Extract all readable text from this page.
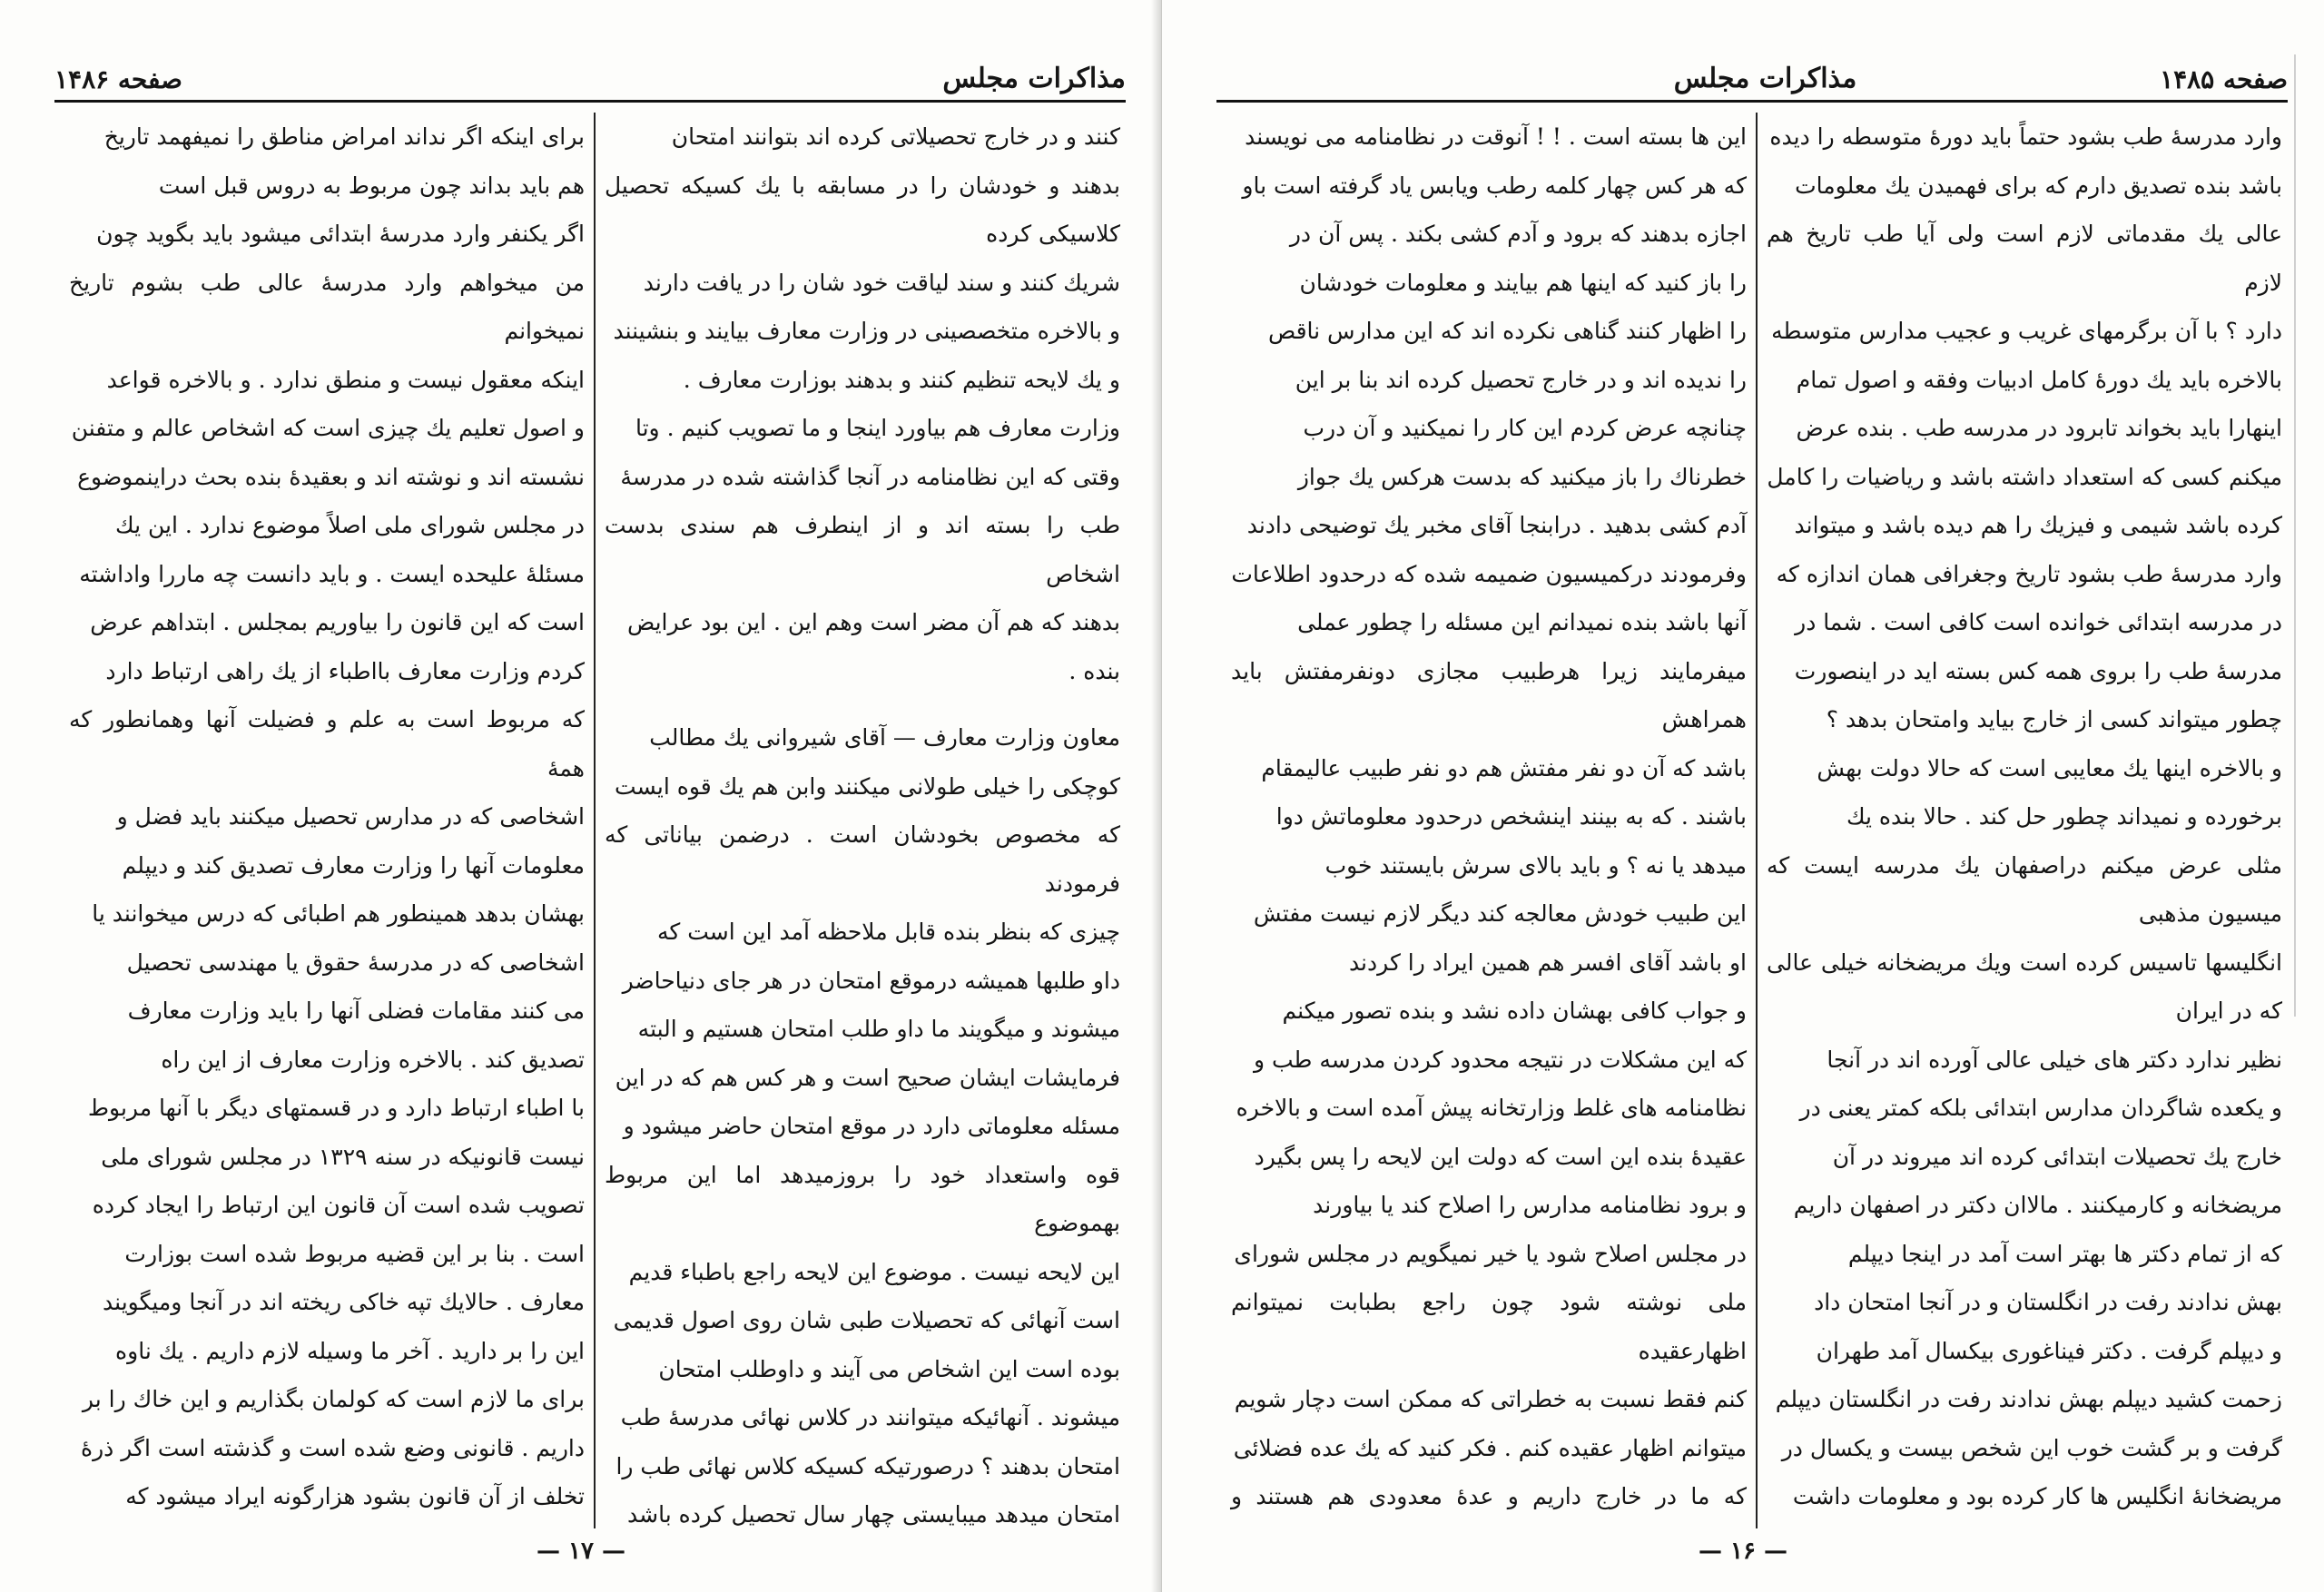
مذاكرات مجلس
صفحه ۱۴۸۶

کنند و در خارج تحصیلاتی کرده اند بتوانند امتحان

بدهند و خودشان را در مسابقه با یك کسیکه تحصیل کلاسیکی کرده

شریك کنند و سند لیاقت خود شان را در یافت دارند

و بالاخره متخصصینی در وزارت معارف بیایند و بنشینند

و یك لایحه تنظیم کنند و بدهند بوزارت معارف .

وزارت معارف هم بیاورد اینجا و ما تصویب کنیم . وتا

وقتی که این نظامنامه در آنجا گذاشته شده در مدرسهٔ

طب را بسته اند و از اینطرف هم سندی بدست اشخاص

بدهند که هم آن مضر است وهم این . این بود عرایض

بنده .

معاون وزارت معارف — آقای شیروانی یك مطالب

کوچکی را خیلی طولانی میکنند وابن هم یك قوه ایست

که مخصوص بخودشان است . درضمن بیاناتی که فرمودند

چیزی که بنظر بنده قابل ملاحظه آمد این است که

داو طلبها همیشه درموقع امتحان در هر جای دنیاحاضر

میشوند و میگویند ما داو طلب امتحان هستیم و البته

فرمایشات ایشان صحیح است و هر کس هم که در این

مسئله معلوماتی دارد در موقع امتحان حاضر میشود و

قوه واستعداد خود را بروزمیدهد اما این مربوط بهموضوع

این لایحه نیست . موضوع این لایحه راجع باطباء قدیم

است آنهائی که تحصیلات طبی شان روی اصول قدیمی

بوده است این اشخاص می آیند و داوطلب امتحان

میشوند . آنهائیکه میتوانند در کلاس نهائی مدرسهٔ طب

امتحان بدهند ؟ درصورتیکه کسیکه کلاس نهائی طب را

امتحان میدهد میبایستی چهار سال تحصیل کرده باشد

برای اینکه اگر نداند امراض مناطق را نمیفهمد تاریخ

هم باید بداند چون مربوط به دروس قبل است

اگر یکنفر وارد مدرسهٔ ابتدائی میشود باید بگوید چون

من میخواهم وارد مدرسهٔ عالی طب بشوم تاریخ نمیخوانم

اینکه معقول نیست و منطق ندارد . و بالاخره قواعد

و اصول تعلیم یك چیزی است که اشخاص عالم و متفنن

نشسته اند و نوشته اند و بعقیدهٔ بنده بحث دراینموضوع

در مجلس شورای ملی اصلاً موضوع ندارد . این یك

مسئلهٔ علیحده ایست . و باید دانست چه ماررا واداشته

است که این قانون را بیاوریم بمجلس . ابتداهم عرض

کردم وزارت معارف بااطباء از یك راهی ارتباط دارد

که مربوط است به علم و فضیلت آنها وهمانطور که همهٔ

اشخاصی که در مدارس تحصیل میکنند باید فضل و

معلومات آنها را وزارت معارف تصدیق کند و دیپلم

بهشان بدهد همینطور هم اطبائی که درس میخوانند یا

اشخاصی که در مدرسهٔ حقوق یا مهندسی تحصیل

می کنند مقامات فضلی آنها را باید وزارت معارف

تصدیق کند . بالاخره وزارت معارف از این راه

با اطباء ارتباط دارد و در قسمتهای دیگر با آنها مربوط

نیست قانونیکه در سنه ۱۳۲۹ در مجلس شورای ملی

تصویب شده است آن قانون این ارتباط را ایجاد کرده

است . بنا بر این قضیه مربوط شده است بوزارت

معارف . حالایك تپه خاکی ریخته اند در آنجا ومیگویند

این را بر دارید . آخر ما وسیله لازم داریم . یك ناوه

برای ما لازم است که کولمان بگذاریم و این خاك را بر

داریم . قانونی وضع شده است و گذشته است اگر ذرهٔ

تخلف از آن قانون بشود هزارگونه ایراد میشود که

— ۱۷ —
صفحه ۱۴۸۵
مذاكرات مجلس

وارد مدرسهٔ طب بشود حتماً باید دورهٔ متوسطه را دیده

باشد بنده تصدیق دارم که برای فهمیدن یك معلومات

عالی یك مقدماتی لازم است ولی آیا طب تاریخ هم لازم

دارد ؟ با آن برگرمهای غریب و عجیب مدارس متوسطه

بالاخره باید یك دورهٔ کامل ادبیات وفقه و اصول تمام

اینهارا باید بخواند تابرود در مدرسه طب . بنده عرض

میکنم کسی که استعداد داشته باشد و ریاضیات را کامل

کرده باشد شیمی و فیزیك را هم دیده باشد و میتواند

وارد مدرسهٔ طب بشود تاریخ وجغرافی همان اندازه که

در مدرسه ابتدائی خوانده است کافی است . شما در

مدرسهٔ طب را بروی همه کس بسته اید در اینصورت

چطور میتواند کسی از خارج بیاید وامتحان بدهد ؟

و بالاخره اینها یك معایبی است که حالا دولت بهش

برخورده و نمیداند چطور حل کند . حالا بنده یك

مثلی عرض میکنم دراصفهان یك مدرسه ایست که میسیون مذهبی

انگلیسها تاسیس کرده است ویك مریضخانه خیلی عالی که در ایران

نظیر ندارد دکتر های خیلی عالی آورده اند در آنجا

و یکعده شاگردان مدارس ابتدائی بلکه کمتر یعنی در

خارج یك تحصیلات ابتدائی کرده اند میروند در آن

مریضخانه و کارمیکنند . مالاان دکتر در اصفهان داریم

که از تمام دکتر ها بهتر است آمد در اینجا دیپلم

بهش ندادند رفت در انگلستان و در آنجا امتحان داد

و دیپلم گرفت . دکتر فیناغوری بیکسال آمد طهران

زحمت کشید دیپلم بهش ندادند رفت در انگلستان دیپلم

گرفت و بر گشت خوب این شخص بیست و یکسال در

مریضخانهٔ انگلیس ها کار کرده بود و معلومات داشت

این ها بسته است . ! ! آنوقت در نظامنامه می نویسند

که هر کس چهار کلمه رطب ویابس یاد گرفته است باو

اجازه بدهند که برود و آدم کشی بکند . پس آن در

را باز کنید که اینها هم بیایند و معلومات خودشان

را اظهار کنند گناهی نکرده اند که این مدارس ناقص

را ندیده اند و در خارج تحصیل کرده اند بنا بر این

چنانچه عرض کردم این کار را نمیکنید و آن درب

خطرناك را باز میکنید که بدست هرکس یك جواز

آدم کشی بدهید . درابنجا آقای مخبر یك توضیحی دادند

وفرمودند درکمیسیون ضمیمه شده که درحدود اطلاعات

آنها باشد بنده نمیدانم این مسئله را چطور عملی

میفرمایند زیرا هرطبیب مجازی دونفرمفتش باید همراهش

باشد که آن دو نفر مفتش هم دو نفر طبیب عالیمقام

باشند . که به بینند اینشخص درحدود معلوماتش دوا

میدهد یا نه ؟ و باید بالای سرش بایستند خوب

این طبیب خودش معالجه کند دیگر لازم نیست مفتش

او باشد آقای افسر هم همین ایراد را کردند

و جواب کافی بهشان داده نشد و بنده تصور میکنم

که این مشکلات در نتیجه محدود کردن مدرسه طب و

نظامنامه های غلط وزارتخانه پیش آمده است و بالاخره

عقیدهٔ بنده این است که دولت این لایحه را پس بگیرد

و برود نظامنامه مدارس را اصلاح کند یا بیاورند

در مجلس اصلاح شود یا خیر نمیگویم در مجلس شورای

ملی نوشته شود چون راجع بطبابت نمیتوانم اظهارعقیده

کنم فقط نسبت به خطراتی که ممکن است دچار شویم

میتوانم اظهار عقیده کنم . فکر کنید که یك عده فضلائی

که ما در خارج داریم و عدهٔ معدودی هم هستند و

— ۱۶ —
